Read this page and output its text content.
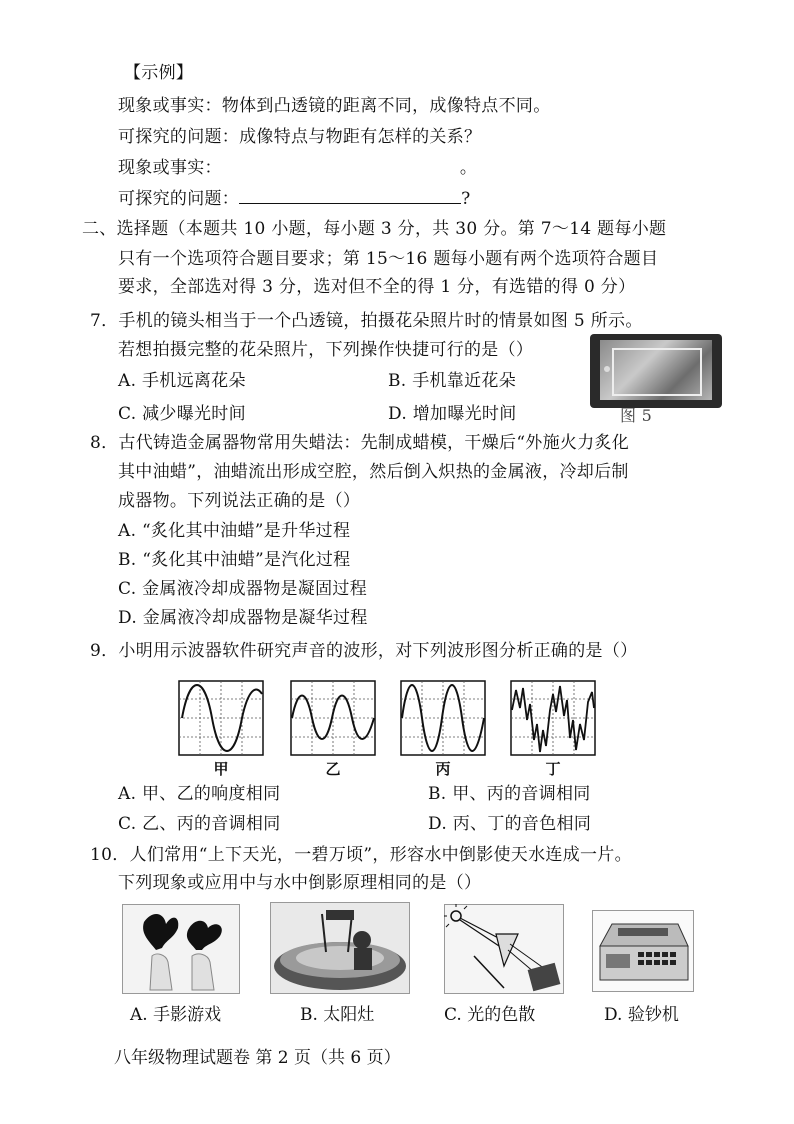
【示例】
现象或事实：物体到凸透镜的距离不同，成像特点不同。
可探究的问题：成像特点与物距有怎样的关系？
现象或事实：	。
可探究的问题：	?
二、选择题（本题共 10 小题，每小题 3 分，共 30 分。第 7～14 题每小题
只有一个选项符合题目要求；第 15～16 题每小题有两个选项符合题目
要求，全部选对得 3 分，选对但不全的得 1 分，有选错的得 0 分）
7．手机的镜头相当于一个凸透镜，拍摄花朵照片时的情景如图 5 所示。
若想拍摄完整的花朵照片，下列操作快捷可行的是（）
A. 手机远离花朵	B. 手机靠近花朵
C. 减少曝光时间	D. 增加曝光时间	图 5
8．古代铸造金属器物常用失蜡法：先制成蜡模，干燥后“外施火力炙化
其中油蜡”，油蜡流出形成空腔，然后倒入炽热的金属液，冷却后制
成器物。下列说法正确的是（）
A. “炙化其中油蜡”是升华过程
B. “炙化其中油蜡”是汽化过程
C. 金属液冷却成器物是凝固过程
D. 金属液冷却成器物是凝华过程
9．小明用示波器软件研究声音的波形，对下列波形图分析正确的是（）
甲	乙	丙	丁
A. 甲、乙的响度相同	B. 甲、丙的音调相同
C. 乙、丙的音调相同	D. 丙、丁的音色相同
10．人们常用“上下天光，一碧万顷”，形容水中倒影使天水连成一片。
下列现象或应用中与水中倒影原理相同的是（）
A. 手影游戏	B. 太阳灶	C. 光的色散	D. 验钞机
八年级物理试题卷 第 2 页（共 6 页）
